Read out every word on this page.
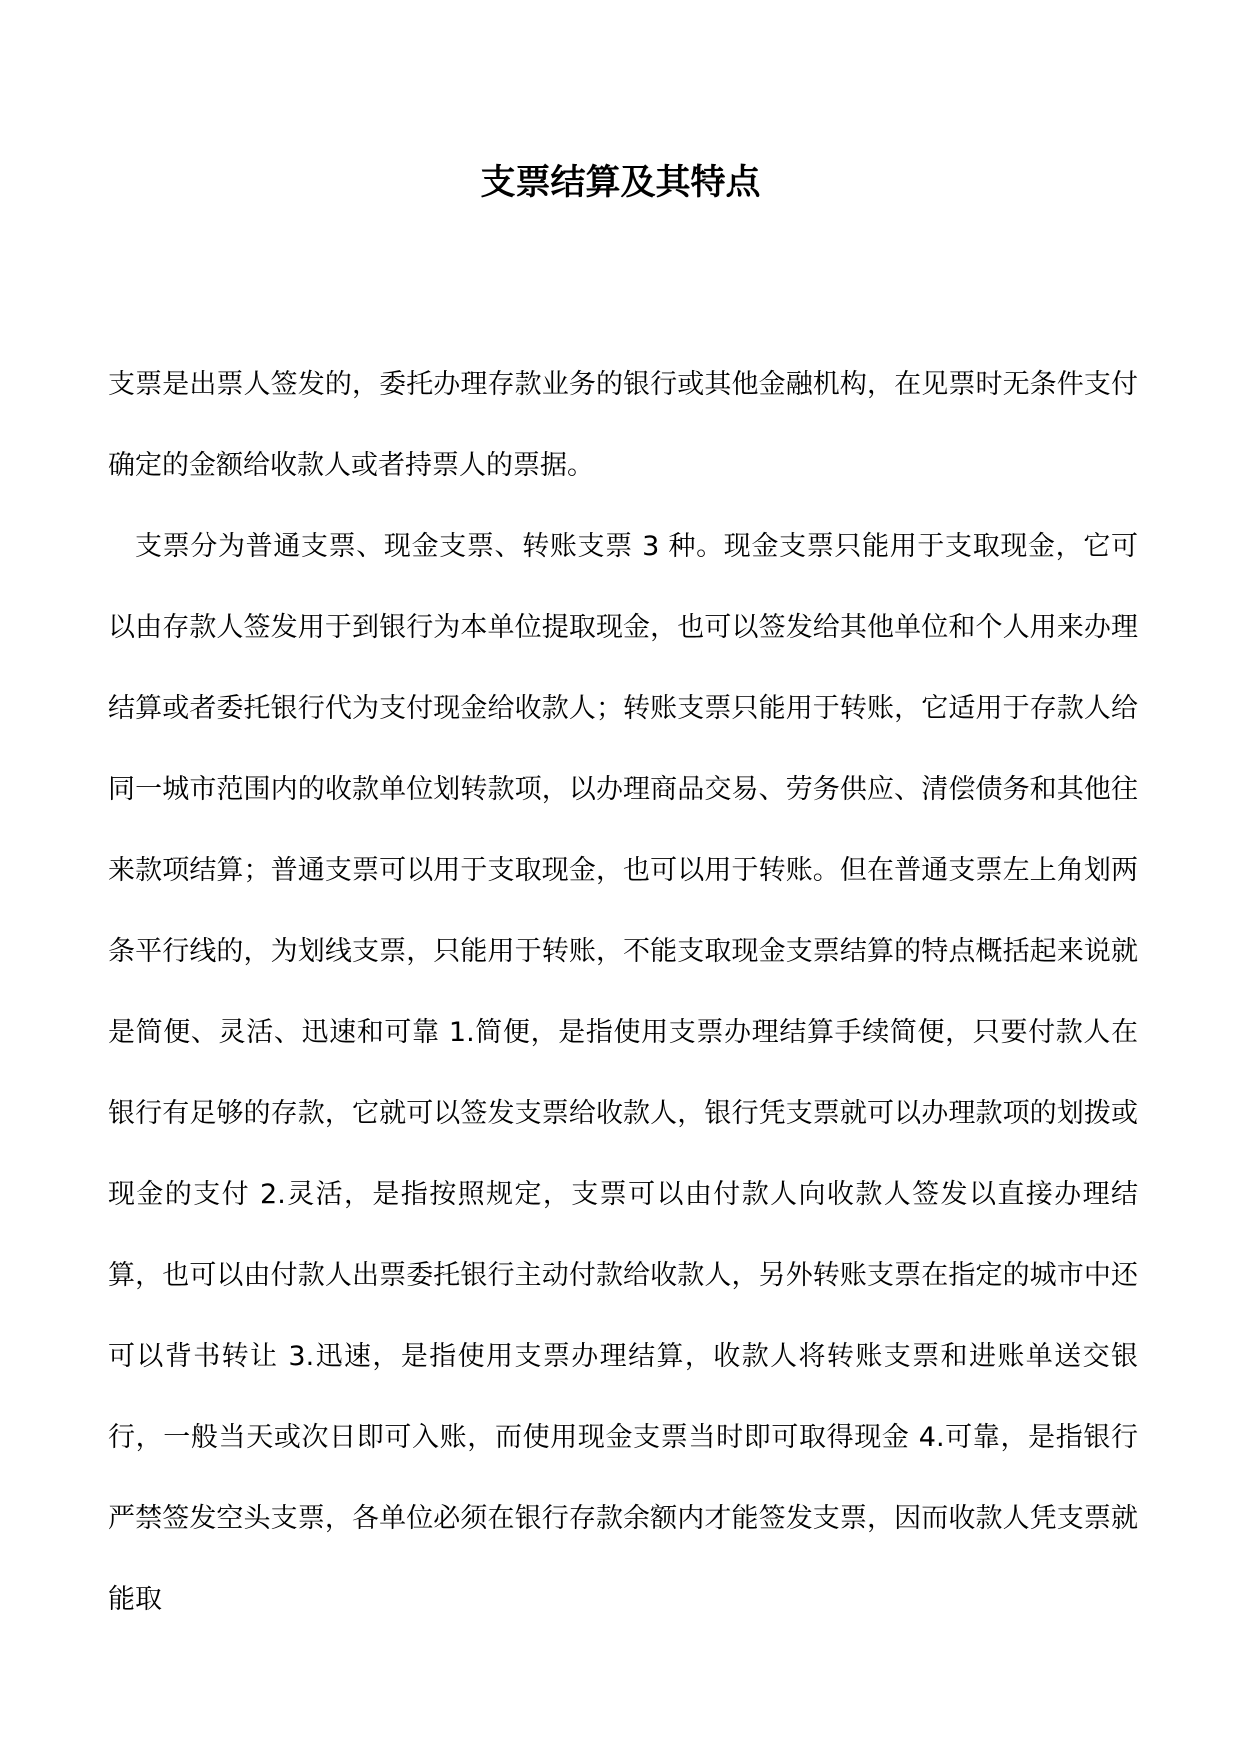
支票结算及其特点

支票是出票人签发的，委托办理存款业务的银行或其他金融机构，在见票时无条件支付确定的金额给收款人或者持票人的票据。

支票分为普通支票、现金支票、转账支票 3 种。现金支票只能用于支取现金，它可以由存款人签发用于到银行为本单位提取现金，也可以签发给其他单位和个人用来办理结算或者委托银行代为支付现金给收款人；转账支票只能用于转账，它适用于存款人给同一城市范围内的收款单位划转款项，以办理商品交易、劳务供应、清偿债务和其他往来款项结算；普通支票可以用于支取现金，也可以用于转账。但在普通支票左上角划两条平行线的，为划线支票，只能用于转账，不能支取现金支票结算的特点概括起来说就是简便、灵活、迅速和可靠 1.简便，是指使用支票办理结算手续简便，只要付款人在银行有足够的存款，它就可以签发支票给收款人，银行凭支票就可以办理款项的划拨或现金的支付 2.灵活，是指按照规定，支票可以由付款人向收款人签发以直接办理结算，也可以由付款人出票委托银行主动付款给收款人，另外转账支票在指定的城市中还可以背书转让 3.迅速，是指使用支票办理结算，收款人将转账支票和进账单送交银行，一般当天或次日即可入账，而使用现金支票当时即可取得现金 4.可靠，是指银行严禁签发空头支票，各单位必须在银行存款余额内才能签发支票，因而收款人凭支票就能取
